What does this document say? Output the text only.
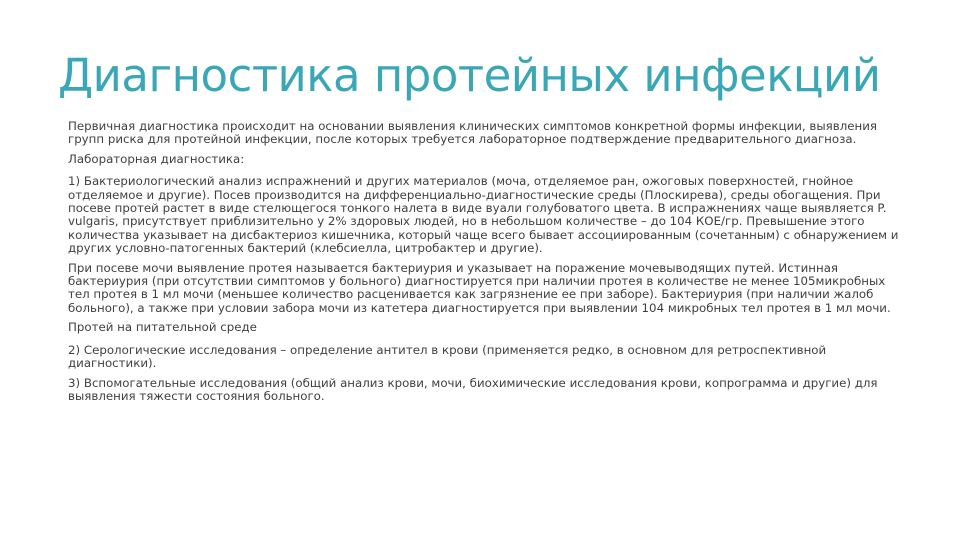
Диагностика протейных инфекций

Первичная диагностика происходит на основании выявления клинических симптомов конкретной формы инфекции, выявления групп риска для протейной инфекции, после которых требуется лабораторное подтверждение предварительного диагноза.

Лабораторная диагностика:

1) Бактериологический анализ испражнений и других материалов (моча, отделяемое ран, ожоговых поверхностей, гнойное отделяемое и другие). Посев производится на дифференциально-диагностические среды (Плоскирева), среды обогащения. При посеве протей растет в виде стелющегося тонкого налета в виде вуали голубоватого цвета. В испражнениях чаще выявляется P. vulgaris, присутствует приблизительно у 2% здоровых людей, но в небольшом количестве – до 104 КОЕ/гр. Превышение этого количества указывает на дисбактериоз кишечника, который чаще всего бывает ассоциированным (сочетанным) с обнаружением и других условно-патогенных бактерий (клебсиелла, цитробактер и другие).

При посеве мочи выявление протея называется бактериурия и указывает на поражение мочевыводящих путей. Истинная бактериурия (при отсутствии симптомов у больного) диагностируется при наличии протея в количестве не менее 105микробных тел протея в 1 мл мочи (меньшее количество расценивается как загрязнение ее при заборе). Бактериурия (при наличии жалоб больного), а также при условии забора мочи из катетера диагностируется при выявлении 104 микробных тел протея в 1 мл мочи.

Протей на питательной среде

2) Серологические исследования – определение антител в крови (применяется редко, в основном для ретроспективной диагностики).

3) Вспомогательные исследования (общий анализ крови, мочи, биохимические исследования крови, копрограмма и другие) для выявления тяжести состояния больного.
